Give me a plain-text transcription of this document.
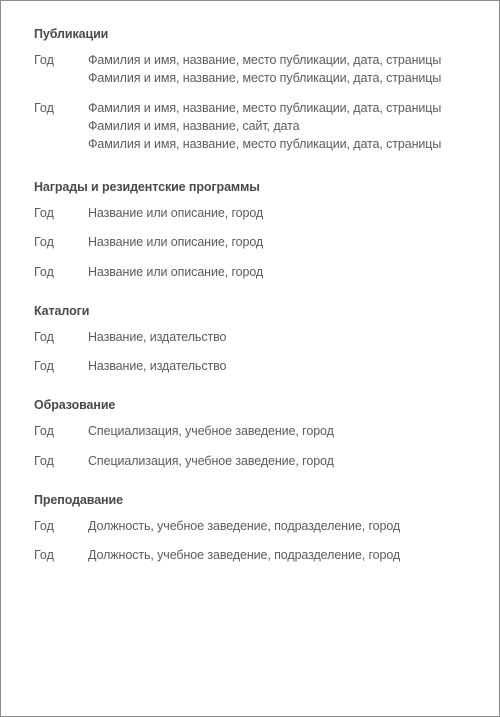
Публикации
Год	Фамилия и имя, название, место публикации, дата, страницы
Фамилия и имя, название, место публикации, дата, страницы
Год	Фамилия и имя, название, место публикации, дата, страницы
Фамилия и имя, название, сайт, дата
Фамилия и имя, название, место публикации, дата, страницы
Награды и резидентские программы
Год	Название или описание, город
Год	Название или описание, город
Год	Название или описание, город
Каталоги
Год	Название, издательство
Год	Название, издательство
Образование
Год	Специализация, учебное заведение, город
Год	Специализация, учебное заведение, город
Преподавание
Год	Должность, учебное заведение, подразделение, город
Год	Должность, учебное заведение, подразделение, город
